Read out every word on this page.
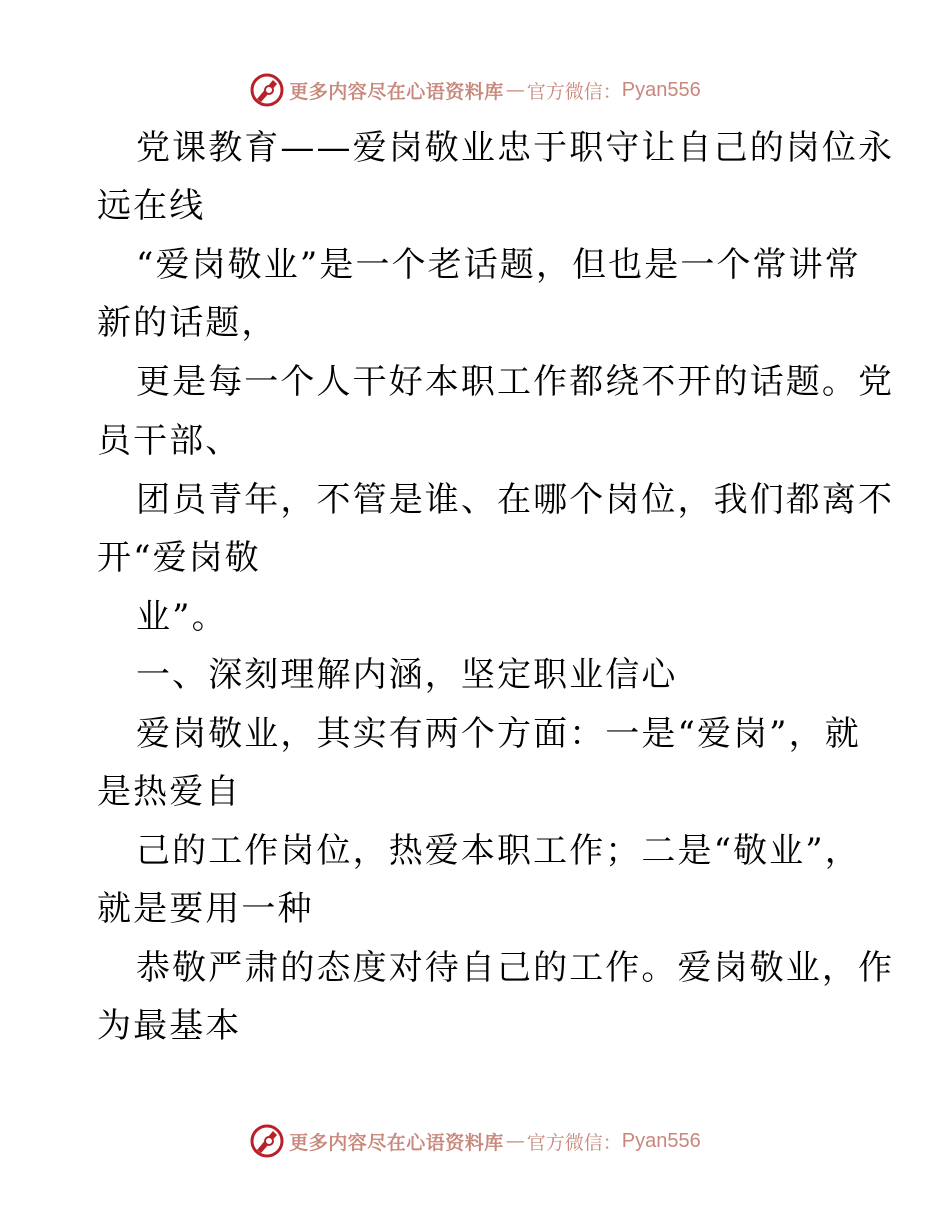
更多内容尽在心语资料库 — 官方微信： Pyan556
党课教育——爱岗敬业忠于职守让自己的岗位永
远在线
“爱岗敬业”是一个老话题，但也是一个常讲常
新的话题，
更是每一个人干好本职工作都绕不开的话题。党
员干部、
团员青年，不管是谁、在哪个岗位，我们都离不
开“爱岗敬
业”。
一、深刻理解内涵，坚定职业信心
爱岗敬业，其实有两个方面：一是“爱岗”，就
是热爱自
己的工作岗位，热爱本职工作；二是“敬业”，
就是要用一种
恭敬严肃的态度对待自己的工作。爱岗敬业，作
为最基本
更多内容尽在心语资料库 — 官方微信： Pyan556
